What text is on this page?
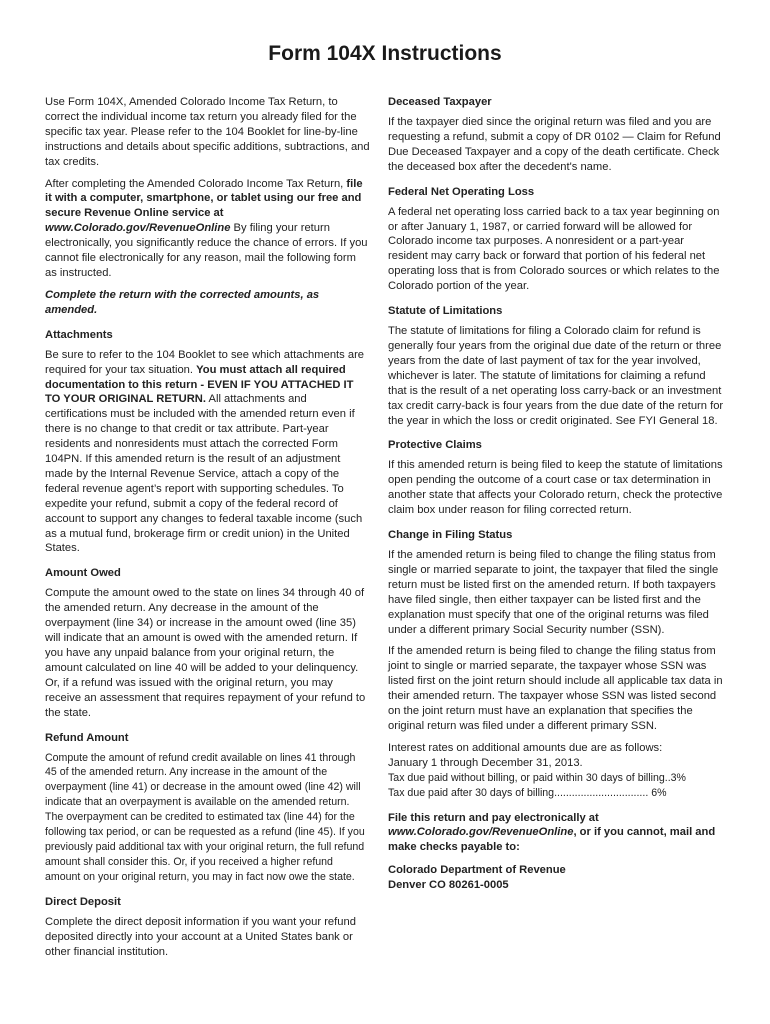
Form 104X Instructions

Use Form 104X, Amended Colorado Income Tax Return, to correct the individual income tax return you already filed for the specific tax year. Please refer to the 104 Booklet for line-by-line instructions and details about specific additions, subtractions, and tax credits.

After completing the Amended Colorado Income Tax Return, file it with a computer, smartphone, or tablet using our free and secure Revenue Online service at www.Colorado.gov/RevenueOnline By filing your return electronically, you significantly reduce the chance of errors. If you cannot file electronically for any reason, mail the following form as instructed.

Complete the return with the corrected amounts, as amended.

Attachments

Be sure to refer to the 104 Booklet to see which attachments are required for your tax situation. You must attach all required documentation to this return - EVEN IF YOU ATTACHED IT TO YOUR ORIGINAL RETURN. All attachments and certifications must be included with the amended return even if there is no change to that credit or tax attribute. Part-year residents and nonresidents must attach the corrected Form 104PN. If this amended return is the result of an adjustment made by the Internal Revenue Service, attach a copy of the federal revenue agent’s report with supporting schedules. To expedite your refund, submit a copy of the federal record of account to support any changes to federal taxable income (such as a mutual fund, brokerage firm or credit union) in the United States.

Amount Owed

Compute the amount owed to the state on lines 34 through 40 of the amended return. Any decrease in the amount of the overpayment (line 34) or increase in the amount owed (line 35) will indicate that an amount is owed with the amended return. If you have any unpaid balance from your original return, the amount calculated on line 40 will be added to your delinquency. Or, if a refund was issued with the original return, you may receive an assessment that requires repayment of your refund to the state.

Refund Amount

Compute the amount of refund credit available on lines 41 through 45 of the amended return. Any increase in the amount of the overpayment (line 41) or decrease in the amount owed (line 42) will indicate that an overpayment is available on the amended return. The overpayment can be credited to estimated tax (line 44) for the following tax period, or can be requested as a refund (line 45). If you previously paid additional tax with your original return, the full refund amount shall consider this. Or, if you received a higher refund amount on your original return, you may in fact now owe the state.

Direct Deposit

Complete the direct deposit information if you want your refund deposited directly into your account at a United States bank or other financial institution.

Deceased Taxpayer

If the taxpayer died since the original return was filed and you are requesting a refund, submit a copy of DR 0102 — Claim for Refund Due Deceased Taxpayer and a copy of the death certificate. Check the deceased box after the decedent's name.

Federal Net Operating Loss

A federal net operating loss carried back to a tax year beginning on or after January 1, 1987, or carried forward will be allowed for Colorado income tax purposes. A nonresident or a part-year resident may carry back or forward that portion of his federal net operating loss that is from Colorado sources or which relates to the Colorado portion of the year.

Statute of Limitations

The statute of limitations for filing a Colorado claim for refund is generally four years from the original due date of the return or three years from the date of last payment of tax for the year involved, whichever is later. The statute of limitations for claiming a refund that is the result of a net operating loss carry-back or an investment tax credit carry-back is four years from the due date of the return for the year in which the loss or credit originated. See FYI General 18.

Protective Claims

If this amended return is being filed to keep the statute of limitations open pending the outcome of a court case or tax determination in another state that affects your Colorado return, check the protective claim box under reason for filing corrected return.

Change in Filing Status

If the amended return is being filed to change the filing status from single or married separate to joint, the taxpayer that filed the single return must be listed first on the amended return. If both taxpayers have filed single, then either taxpayer can be listed first and the explanation must specify that one of the original returns was filed under a different primary Social Security number (SSN).

If the amended return is being filed to change the filing status from joint to single or married separate, the taxpayer whose SSN was listed first on the joint return should include all applicable tax data in their amended return. The taxpayer whose SSN was listed second on the joint return must have an explanation that specifies the original return was filed under a different primary SSN.

Interest rates on additional amounts due are as follows:
January 1 through December 31, 2013.
Tax due paid without billing, or paid within 30 days of billing..3%
Tax due paid after 30 days of billing................................ 6%

File this return and pay electronically at www.Colorado.gov/RevenueOnline, or if you cannot, mail and make checks payable to:

Colorado Department of Revenue
Denver CO 80261-0005
